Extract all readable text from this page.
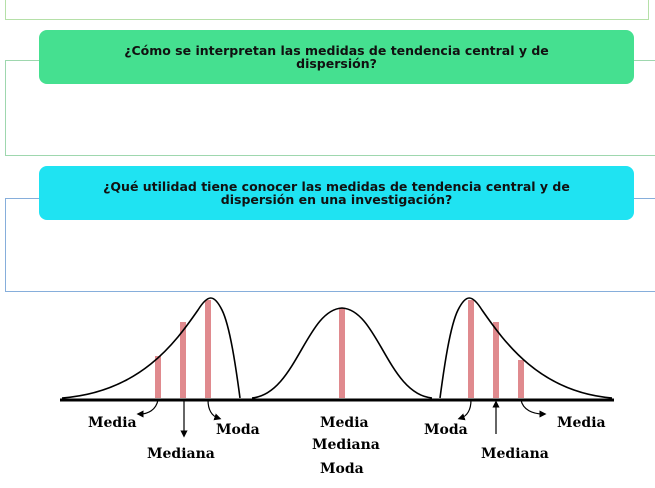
¿Cómo se interpretan las medidas de tendencia central y de
dispersión?
¿Qué utilidad tiene conocer las medidas de tendencia central y de
dispersión en una investigación?
Media
Mediana
Moda	Media
Mediana
Moda
Moda	Media
Mediana
